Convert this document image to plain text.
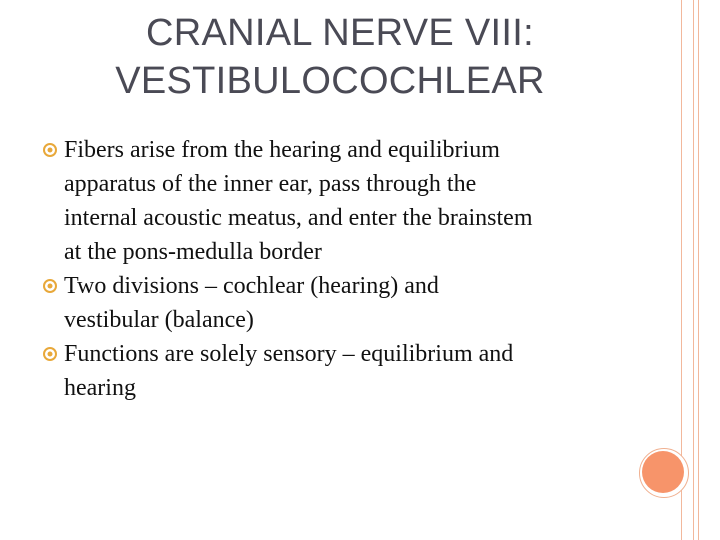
CRANIAL NERVE VIII:
VESTIBULOCOCHLEAR
Fibers arise from the hearing and equilibrium
apparatus of the inner ear, pass through the
internal acoustic meatus, and enter the brainstem
at the pons-medulla border
Two divisions – cochlear (hearing) and
vestibular (balance)
Functions are solely sensory – equilibrium and
hearing
